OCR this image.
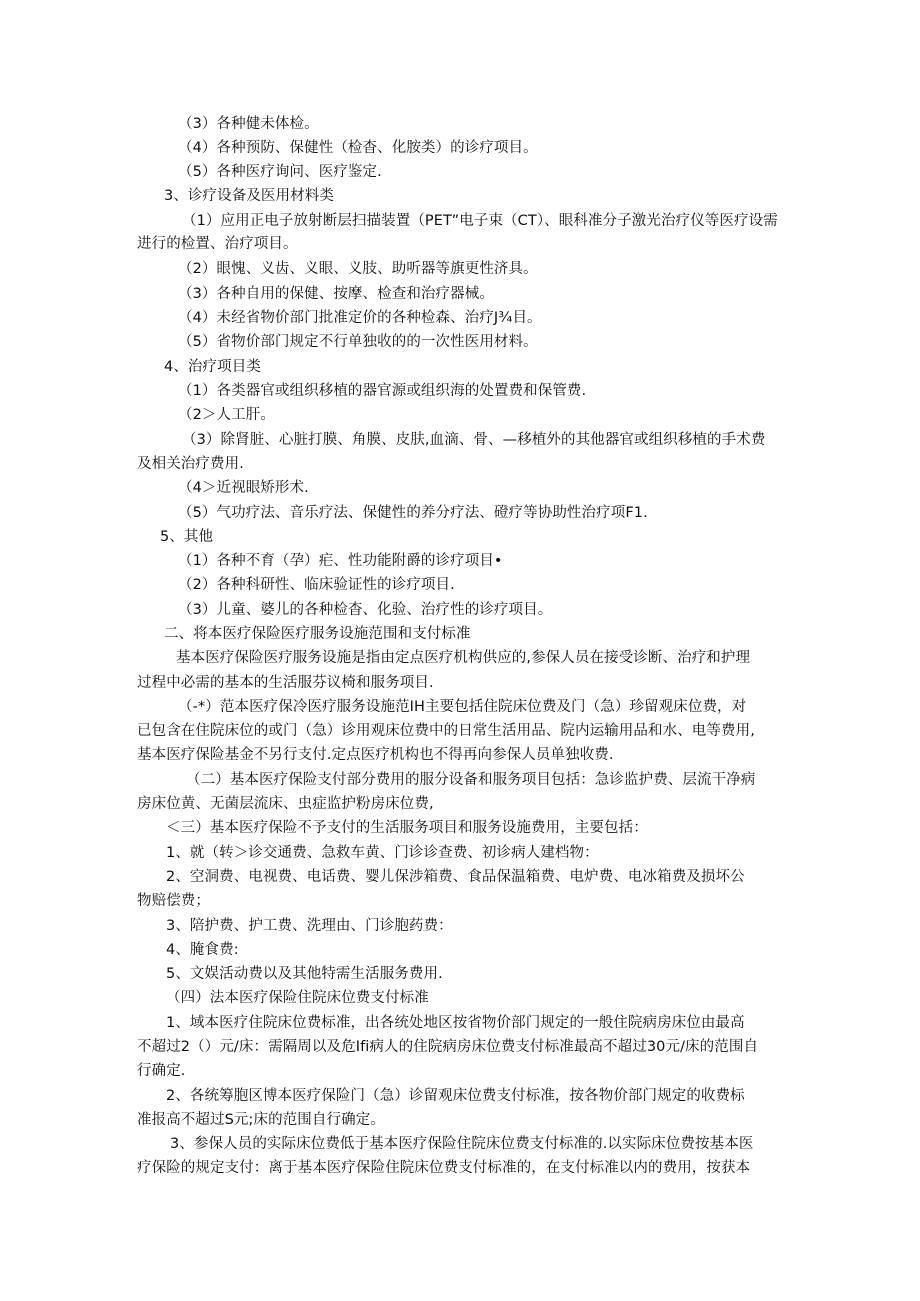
（3）各种健未体检。
（4）各种预防、保健性（检杳、化胺类）的诊疗项目。
（5）各种医疗询问、医疗鉴定.
3、诊疗设备及医用材料类
（1）应用正电子放射断层扫描装置（PET”电子束（CT）、眼科准分子激光治疗仪等医疗设需
进行的检置、治疗项目。
（2）眼愧、义齿、义眼、义肢、助听器等旗更性济具。
（3）各种自用的保健、按摩、检查和治疗器械。
（4）未经省物价部门批准定价的各种检森、治疗J¾目。
（5）省物价部门规定不行单独收的的一次性医用材料。
4、治疗项目类
（1）各类器官或组织移植的器官源或组织海的处置费和保管费.
（2＞人工肝。
（3）除肾脏、心脏打膜、角膜、皮肤,血滴、骨、—移植外的其他器官或组织移植的手术费
及相关治疗费用.
（4＞近视眼矫形术.
（5）气功疗法、音乐疗法、保健性的养分疗法、磴疗等协助性治疗项F1.
5、其他
（1）各种不育（孕）疟、性功能附爵的诊疗项目•
（2）各种科研性、临床验证性的诊疗项目.
（3）儿童、婆儿的各种检杳、化验、治疗性的诊疗项目。
二、将本医疗保险医疗服务设施范围和支付标准
基本医疗保险医疗服务设施是指由定点医疗机构供应的,参保人员在接受诊断、治疗和护理
过程中必需的基本的生活服芬议椅和服务项目.
（-*）范本医疗保冷医疗服务设施范IH主要包括住院床位费及门（急）珍留观床位费，对
已包含在住院床位的或门（急）诊用观床位费中的日常生活用品、院内运输用品和水、电等费用,
基本医疗保险基金不另行支付.定点医疗机构也不得再向参保人员单独收费.
（二）基本医疗保险支付部分费用的服分设备和服务项目包括：急诊监护费、层流干净病
房床位黄、无菌层流床、虫症监护粉房床位费,
＜三）基本医疗保险不予支付的生活服务项目和服务设施费用，主要包括：
1、就（转＞诊交通费、急救车黄、门诊诊查费、初诊病人建档物：
2、空洞费、电视费、电话费、婴儿保涉箱费、食品保温箱费、电炉费、电冰箱费及损坏公
物赔偿费；
3、陪护费、护工费、洗理由、门诊胞药费：
4、腌食费:
5、文娱活动费以及其他特需生活服务费用.
（四）法本医疗保险住院床位费支付标准
1、域本医疗住院床位费标准，出各统处地区按省物价部门规定的一般住院病房床位由最高
不超过2（）元/床：需隔周以及危Ifi病人的住院病房床位费支付标准最高不超过30元/床的范围自
行确定.
2、各统筹胞区博本医疗保险门（急）诊留观床位费支付标准，按各物价部门规定的收费标
准报高不超过S元;床的范围自行确定。
3、参保人员的实际床位费低于基本医疗保险住院床位费支付标准的.以实际床位费按基本医
疗保险的规定支付：离于基本医疗保险住院床位费支付标准的，在支付标准以内的费用，按获本
